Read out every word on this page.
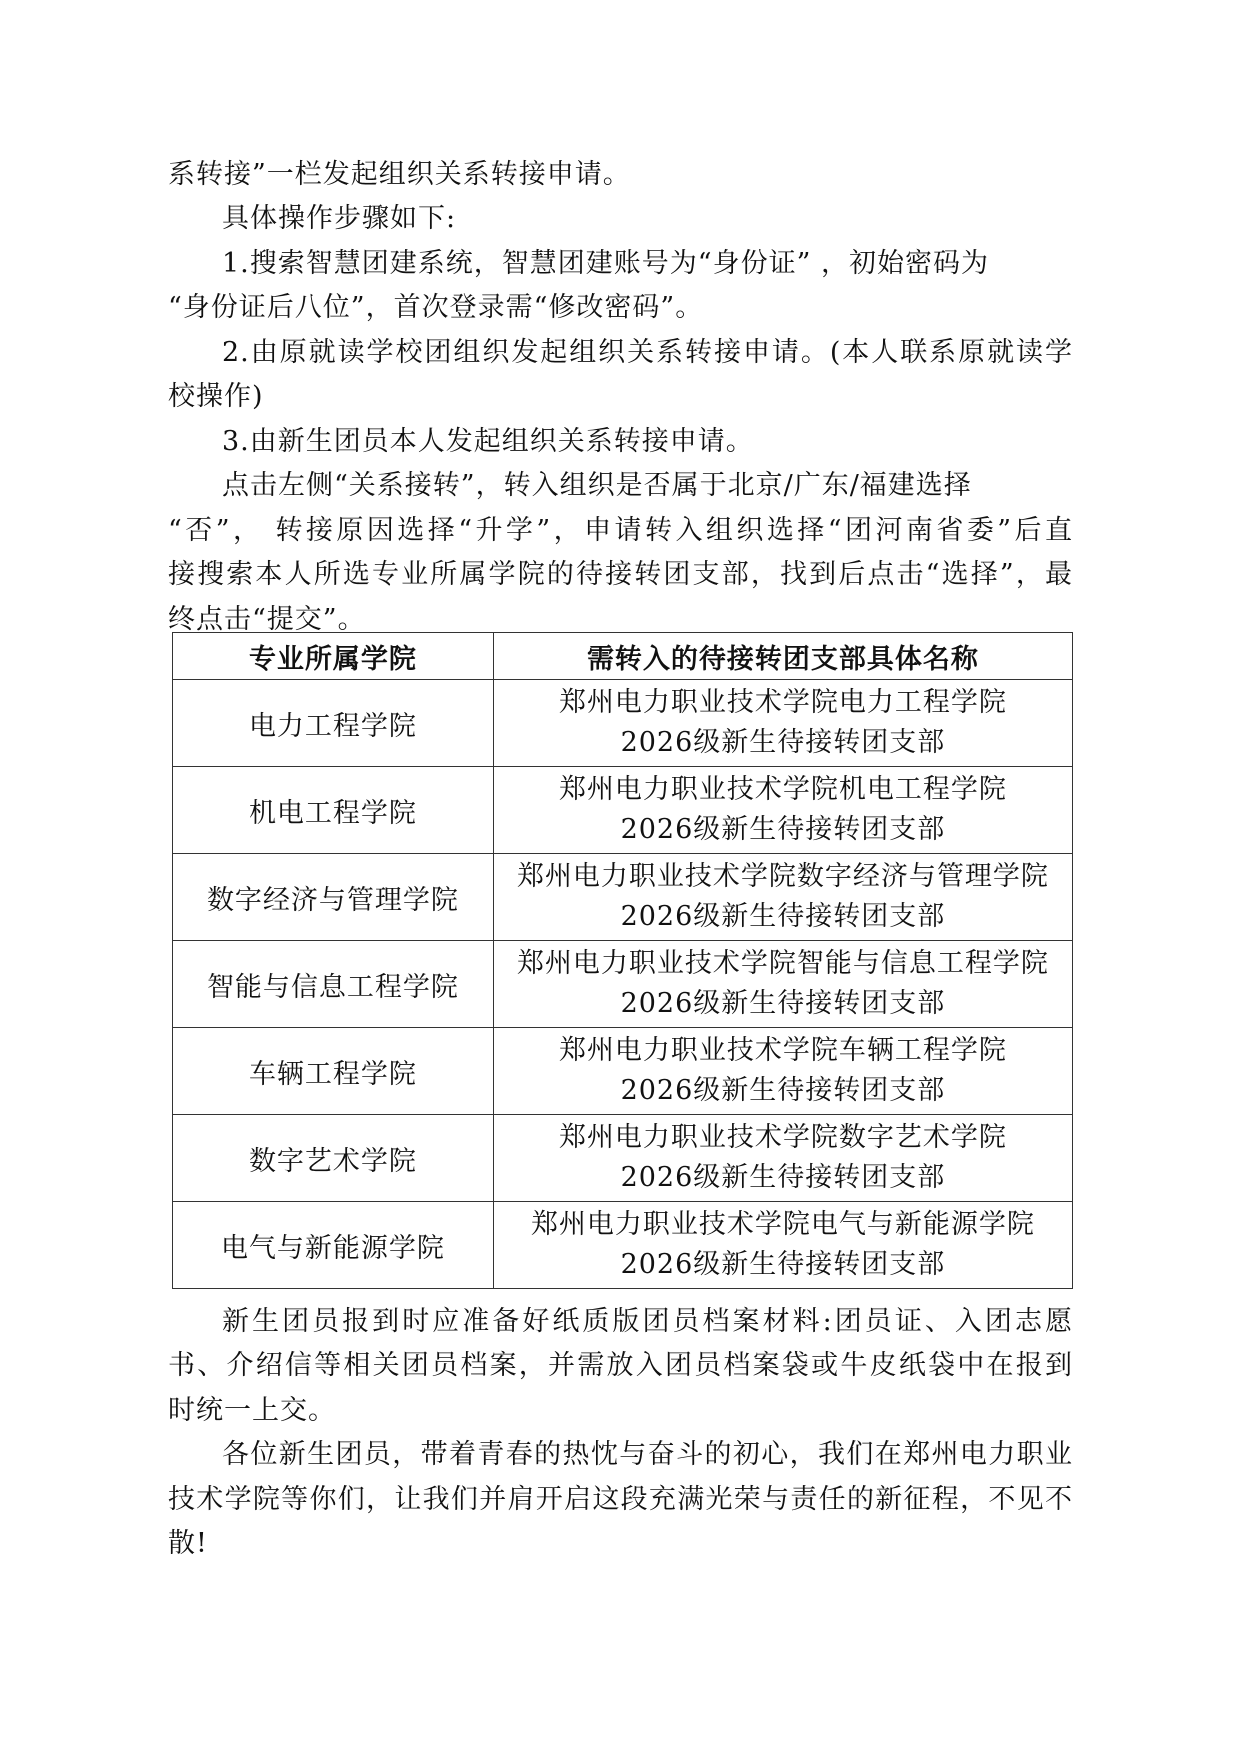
系转接”一栏发起组织关系转接申请。
具体操作步骤如下:
1.搜索智慧团建系统，智慧团建账号为“身份证” ，初始密码为
“身份证后八位”，首次登录需“修改密码”。
2.由原就读学校团组织发起组织关系转接申请。(本人联系原就读学
校操作)
3.由新生团员本人发起组织关系转接申请。
点击左侧“关系接转”，转入组织是否属于北京/广东/福建选择
“否”， 转接原因选择“升学”，申请转入组织选择“团河南省委”后直
接搜索本人所选专业所属学院的待接转团支部，找到后点击“选择”，最
终点击“提交”。
专业所属学院	需转入的待接转团支部具体名称
电力工程学院	郑州电力职业技术学院电力工程学院
2026级新生待接转团支部

机电工程学院	郑州电力职业技术学院机电工程学院
2026级新生待接转团支部

数字经济与管理学院	郑州电力职业技术学院数字经济与管理学院
2026级新生待接转团支部

智能与信息工程学院	郑州电力职业技术学院智能与信息工程学院
2026级新生待接转团支部

车辆工程学院	郑州电力职业技术学院车辆工程学院
2026级新生待接转团支部

数字艺术学院	郑州电力职业技术学院数字艺术学院
2026级新生待接转团支部

电气与新能源学院	郑州电力职业技术学院电气与新能源学院
2026级新生待接转团支部
新生团员报到时应准备好纸质版团员档案材料:团员证、入团志愿
书、介绍信等相关团员档案，并需放入团员档案袋或牛皮纸袋中在报到
时统一上交。
各位新生团员，带着青春的热忱与奋斗的初心，我们在郑州电力职业
技术学院等你们，让我们并肩开启这段充满光荣与责任的新征程，不见不
散!
